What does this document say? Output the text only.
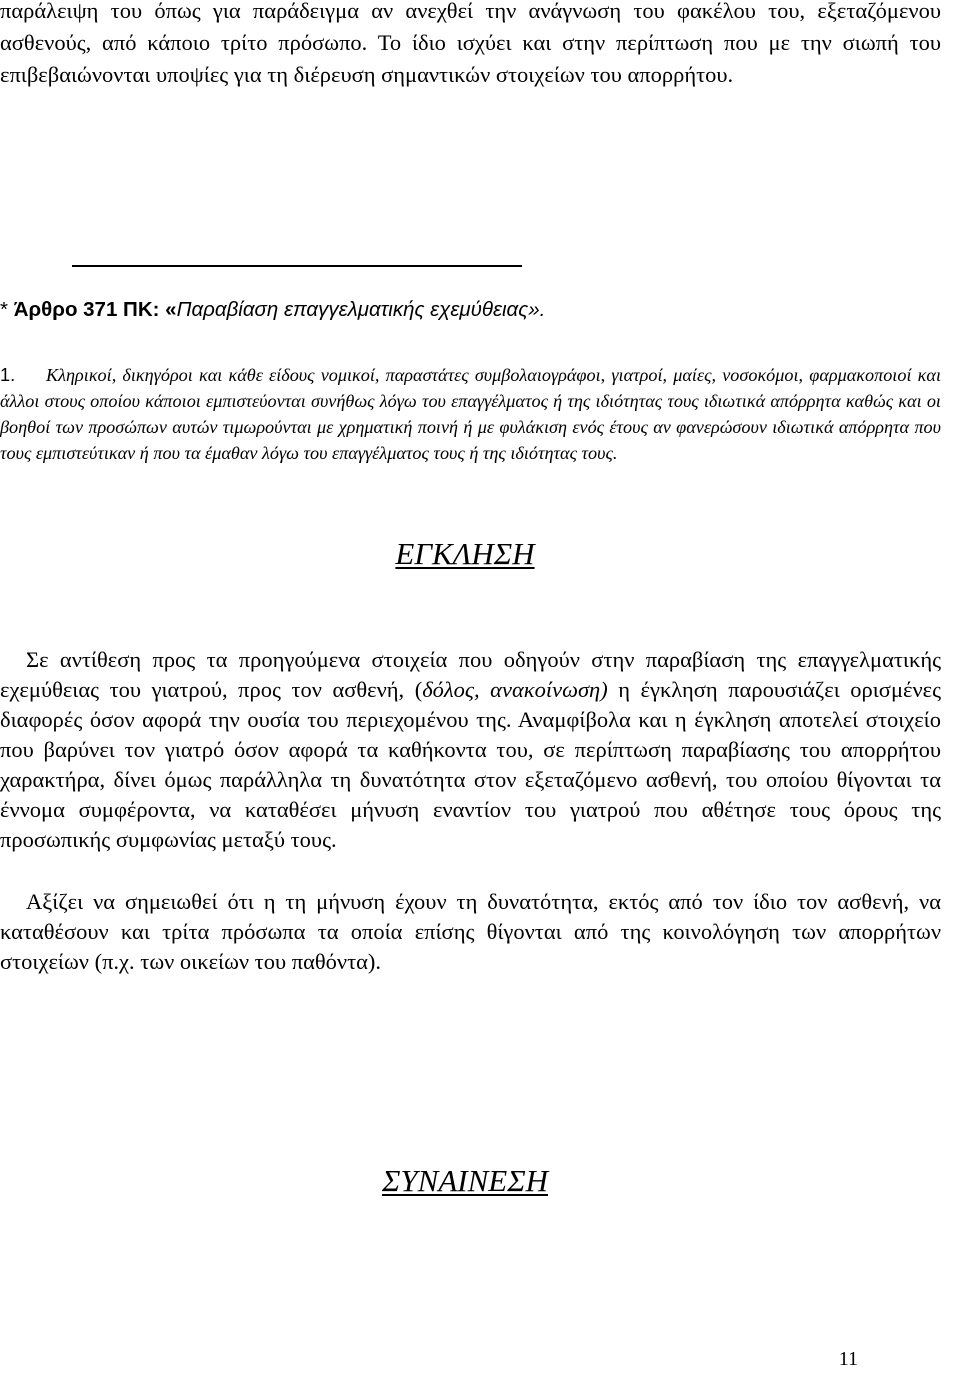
παράλειψη του όπως για παράδειγμα αν ανεχθεί την ανάγνωση του φακέλου του, εξεταζόμενου ασθενούς, από κάποιο τρίτο πρόσωπο. Το ίδιο ισχύει και στην περίπτωση που με την σιωπή του επιβεβαιώνονται υποψίες για τη διέρευση σημαντικών στοιχείων του απορρήτου.

* Άρθρο 371 ΠΚ: «Παραβίαση επαγγελματικής εχεμύθειας».

1. Κληρικοί, δικηγόροι και κάθε είδους νομικοί, παραστάτες συμβολαιογράφοι, γιατροί, μαίες, νοσοκόμοι, φαρμακοποιοί και άλλοι στους οποίου κάποιοι εμπιστεύονται συνήθως λόγω του επαγγέλματος ή της ιδιότητας τους ιδιωτικά απόρρητα καθώς και οι βοηθοί των προσώπων αυτών τιμωρούνται με χρηματική ποινή ή με φυλάκιση ενός έτους αν φανερώσουν ιδιωτικά απόρρητα που τους εμπιστεύτικαν ή που τα έμαθαν λόγω του επαγγέλματος τους ή της ιδιότητας τους.

ΕΓΚΛΗΣΗ

Σε αντίθεση προς τα προηγούμενα στοιχεία που οδηγούν στην παραβίαση της επαγγελματικής εχεμύθειας του γιατρού, προς τον ασθενή, (δόλος, ανακοίνωση) η έγκληση παρουσιάζει ορισμένες διαφορές όσον αφορά την ουσία του περιεχομένου της. Αναμφίβολα και η έγκληση αποτελεί στοιχείο που βαρύνει τον γιατρό όσον αφορά τα καθήκοντα του, σε περίπτωση παραβίασης του απορρήτου χαρακτήρα, δίνει όμως παράλληλα τη δυνατότητα στον εξεταζόμενο ασθενή, του οποίου θίγονται τα έννομα συμφέροντα, να καταθέσει μήνυση εναντίον του γιατρού που αθέτησε τους όρους της προσωπικής συμφωνίας μεταξύ τους.

Αξίζει να σημειωθεί ότι η τη μήνυση έχουν τη δυνατότητα, εκτός από τον ίδιο τον ασθενή, να καταθέσουν και τρίτα πρόσωπα τα οποία επίσης θίγονται από της κοινολόγηση των απορρήτων στοιχείων (π.χ. των οικείων του παθόντα).

ΣΥΝΑΙΝΕΣΗ
11
